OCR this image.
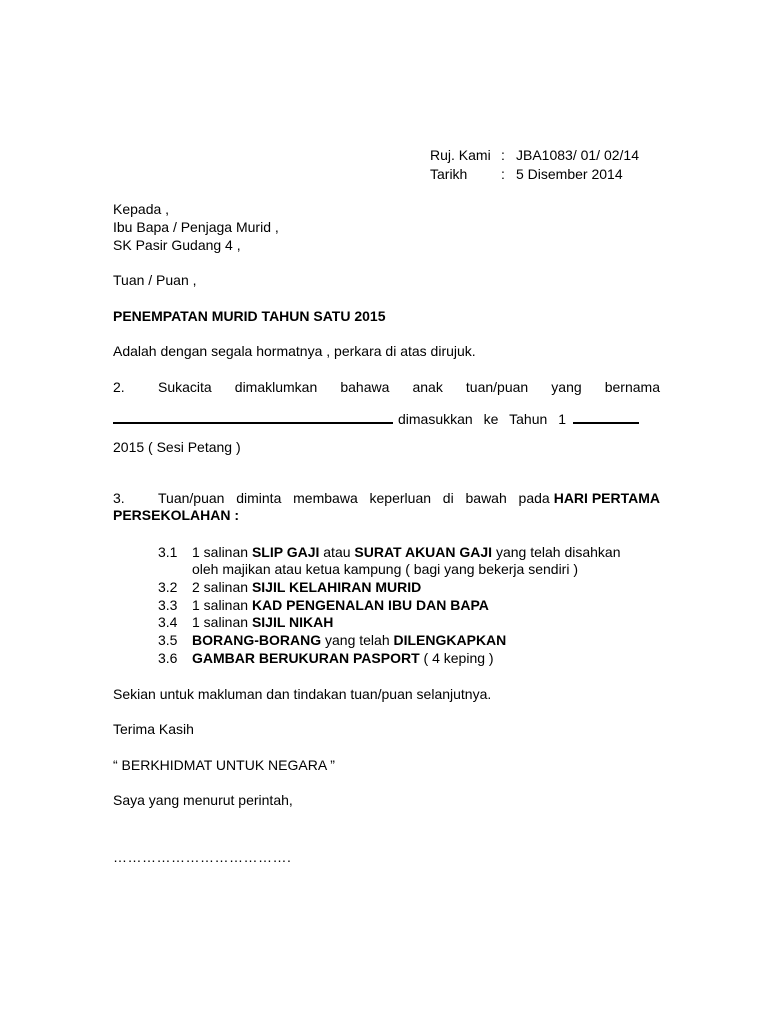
Ruj. Kami : JBA1083/ 01/ 02/14
Tarikh : 5 Disember 2014
Kepada ,
Ibu Bapa / Penjaga Murid ,
SK Pasir Gudang 4 ,
Tuan / Puan ,
PENEMPATAN MURID TAHUN SATU 2015
Adalah dengan segala hormatnya , perkara di atas dirujuk.
2. Sukacita dimaklumkan bahawa anak tuan/puan yang bernama
dimasukkan ke Tahun 1
2015 ( Sesi Petang )
3. Tuan/puan diminta membawa keperluan di bawah pada HARI PERTAMA
PERSEKOLAHAN :
3.1 1 salinan SLIP GAJI atau SURAT AKUAN GAJI yang telah disahkan
oleh majikan atau ketua kampung ( bagi yang bekerja sendiri )
3.2 2 salinan SIJIL KELAHIRAN MURID
3.3 1 salinan KAD PENGENALAN IBU DAN BAPA
3.4 1 salinan SIJIL NIKAH
3.5 BORANG-BORANG yang telah DILENGKAPKAN
3.6 GAMBAR BERUKURAN PASPORT ( 4 keping )
Sekian untuk makluman dan tindakan tuan/puan selanjutnya.
Terima Kasih
“ BERKHIDMAT UNTUK NEGARA ”
Saya yang menurut perintah,
……………………………….
